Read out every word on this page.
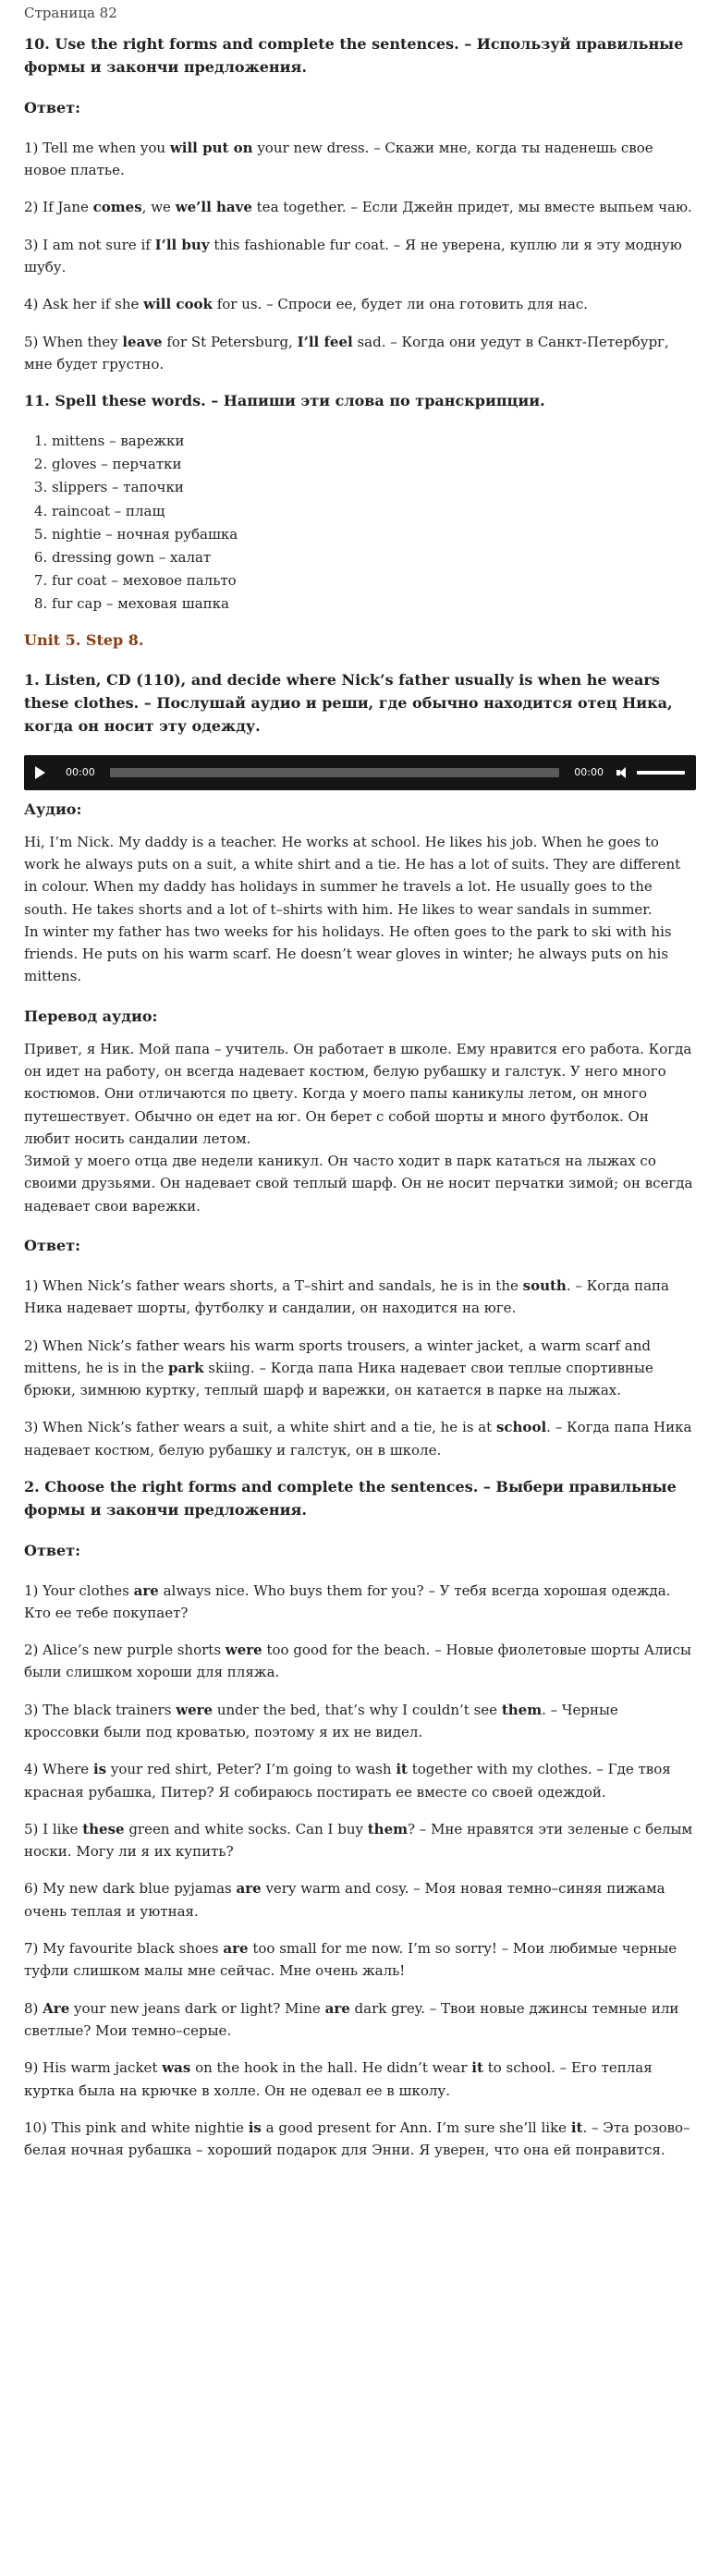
Страница 82
10. Use the right forms and complete the sentences. – Используй правильные формы и закончи предложения.
Ответ:

1) Tell me when you will put on your new dress. – Скажи мне, когда ты наденешь свое новое платье.

2) If Jane comes, we we’ll have tea together. – Если Джейн придет, мы вместе выпьем чаю.

3) I am not sure if I’ll buy this fashionable fur coat. – Я не уверена, куплю ли я эту модную шубу.

4) Ask her if she will cook for us. – Спроси ее, будет ли она готовить для нас.

5) When they leave for St Petersburg, I’ll feel sad. – Когда они уедут в Санкт-Петербург, мне будет грустно.

11. Spell these words. – Напиши эти слова по транскрипции.
1. mittens – варежки
2. gloves – перчатки
3. slippers – тапочки
4. raincoat – плащ
5. nightie – ночная рубашка
6. dressing gown – халат
7. fur coat – меховое пальто
8. fur cap – меховая шапка
Unit 5. Step 8.
1. Listen, CD (110), and decide where Nick’s father usually is when he wears these clothes. – Послушай аудио и реши, где обычно находится отец Ника, когда он носит эту одежду.
00:00	00:00
Аудио:

Hi, I’m Nick. My daddy is a teacher. He works at school. He likes his job. When he goes to work he always puts on a suit, a white shirt and a tie. He has a lot of suits. They are different in colour. When my daddy has holidays in summer he travels a lot. He usually goes to the south. He takes shorts and a lot of t–shirts with him. He likes to wear sandals in summer.

In winter my father has two weeks for his holidays. He often goes to the park to ski with his friends. He puts on his warm scarf. He doesn’t wear gloves in winter; he always puts on his mittens.

Перевод аудио:

Привет, я Ник. Мой папа – учитель. Он работает в школе. Ему нравится его работа. Когда он идет на работу, он всегда надевает костюм, белую рубашку и галстук. У него много костюмов. Они отличаются по цвету. Когда у моего папы каникулы летом, он много путешествует. Обычно он едет на юг. Он берет с собой шорты и много футболок. Он любит носить сандалии летом.

Зимой у моего отца две недели каникул. Он часто ходит в парк кататься на лыжах со своими друзьями. Он надевает свой теплый шарф. Он не носит перчатки зимой; он всегда надевает свои варежки.

Ответ:

1) When Nick’s father wears shorts, a T–shirt and sandals, he is in the south. – Когда папа Ника надевает шорты, футболку и сандалии, он находится на юге.

2) When Nick’s father wears his warm sports trousers, a winter jacket, a warm scarf and mittens, he is in the park skiing. – Когда папа Ника надевает свои теплые спортивные брюки, зимнюю куртку, теплый шарф и варежки, он катается в парке на лыжах.

3) When Nick’s father wears a suit, a white shirt and a tie, he is at school. – Когда папа Ника надевает костюм, белую рубашку и галстук, он в школе.

2. Choose the right forms and complete the sentences. – Выбери правильные формы и закончи предложения.
Ответ:

1) Your clothes are always nice. Who buys them for you? – У тебя всегда хорошая одежда. Кто ее тебе покупает?

2) Alice’s new purple shorts were too good for the beach. – Новые фиолетовые шорты Алисы были слишком хороши для пляжа.

3) The black trainers were under the bed, that’s why I couldn’t see them. – Черные кроссовки были под кроватью, поэтому я их не видел.

4) Where is your red shirt, Peter? I’m going to wash it together with my clothes. – Где твоя красная рубашка, Питер? Я собираюсь постирать ее вместе со своей одеждой.

5) I like these green and white socks. Can I buy them? – Мне нравятся эти зеленые с белым носки. Могу ли я их купить?

6) My new dark blue pyjamas are very warm and cosy. – Моя новая темно–синяя пижама очень теплая и уютная.

7) My favourite black shoes are too small for me now. I’m so sorry! – Мои любимые черные туфли слишком малы мне сейчас. Мне очень жаль!

8) Are your new jeans dark or light? Mine are dark grey. – Твои новые джинсы темные или светлые? Мои темно–серые.

9) His warm jacket was on the hook in the hall. He didn’t wear it to school. – Его теплая куртка была на крючке в холле. Он не одевал ее в школу.

10) This pink and white nightie is a good present for Ann. I’m sure she’ll like it. – Эта розово–белая ночная рубашка – хороший подарок для Энни. Я уверен, что она ей понравится.
